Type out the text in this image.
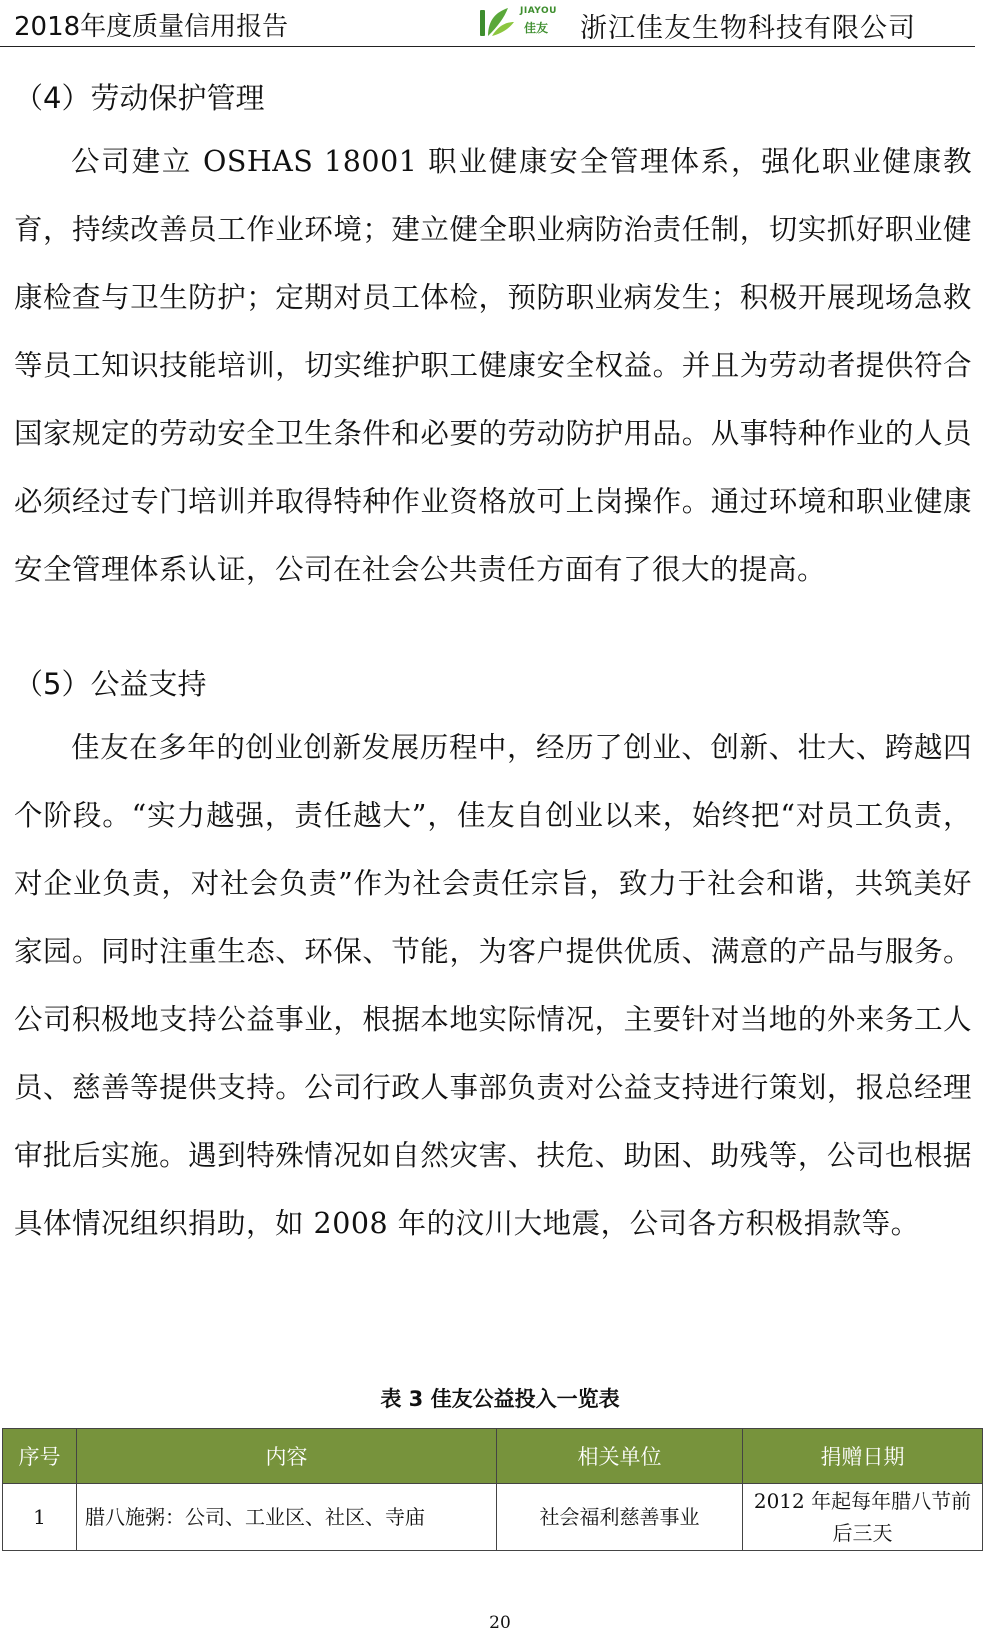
2018年度质量信用报告
JIAYOU
佳友 浙江佳友生物科技有限公司
（4）劳动保护管理

公司建立 OSHAS 18001 职业健康安全管理体系，强化职业健康教育，持续改善员工作业环境；建立健全职业病防治责任制，切实抓好职业健康检查与卫生防护；定期对员工体检，预防职业病发生；积极开展现场急救等员工知识技能培训，切实维护职工健康安全权益。并且为劳动者提供符合国家规定的劳动安全卫生条件和必要的劳动防护用品。从事特种作业的人员必须经过专门培训并取得特种作业资格放可上岗操作。通过环境和职业健康安全管理体系认证，公司在社会公共责任方面有了很大的提高。

（5）公益支持

佳友在多年的创业创新发展历程中，经历了创业、创新、壮大、跨越四个阶段。“实力越强，责任越大”，佳友自创业以来，始终把“对员工负责，对企业负责，对社会负责”作为社会责任宗旨，致力于社会和谐，共筑美好家园。同时注重生态、环保、节能，为客户提供优质、满意的产品与服务。公司积极地支持公益事业，根据本地实际情况，主要针对当地的外来务工人员、慈善等提供支持。公司行政人事部负责对公益支持进行策划，报总经理审批后实施。遇到特殊情况如自然灾害、扶危、助困、助残等，公司也根据具体情况组织捐助，如 2008 年的汶川大地震，公司各方积极捐款等。

表 3 佳友公益投入一览表
序号	内容	相关单位	捐赠日期
1	腊八施粥：公司、工业区、社区、寺庙	社会福利慈善事业	2012 年起每年腊八节前后三天
20
